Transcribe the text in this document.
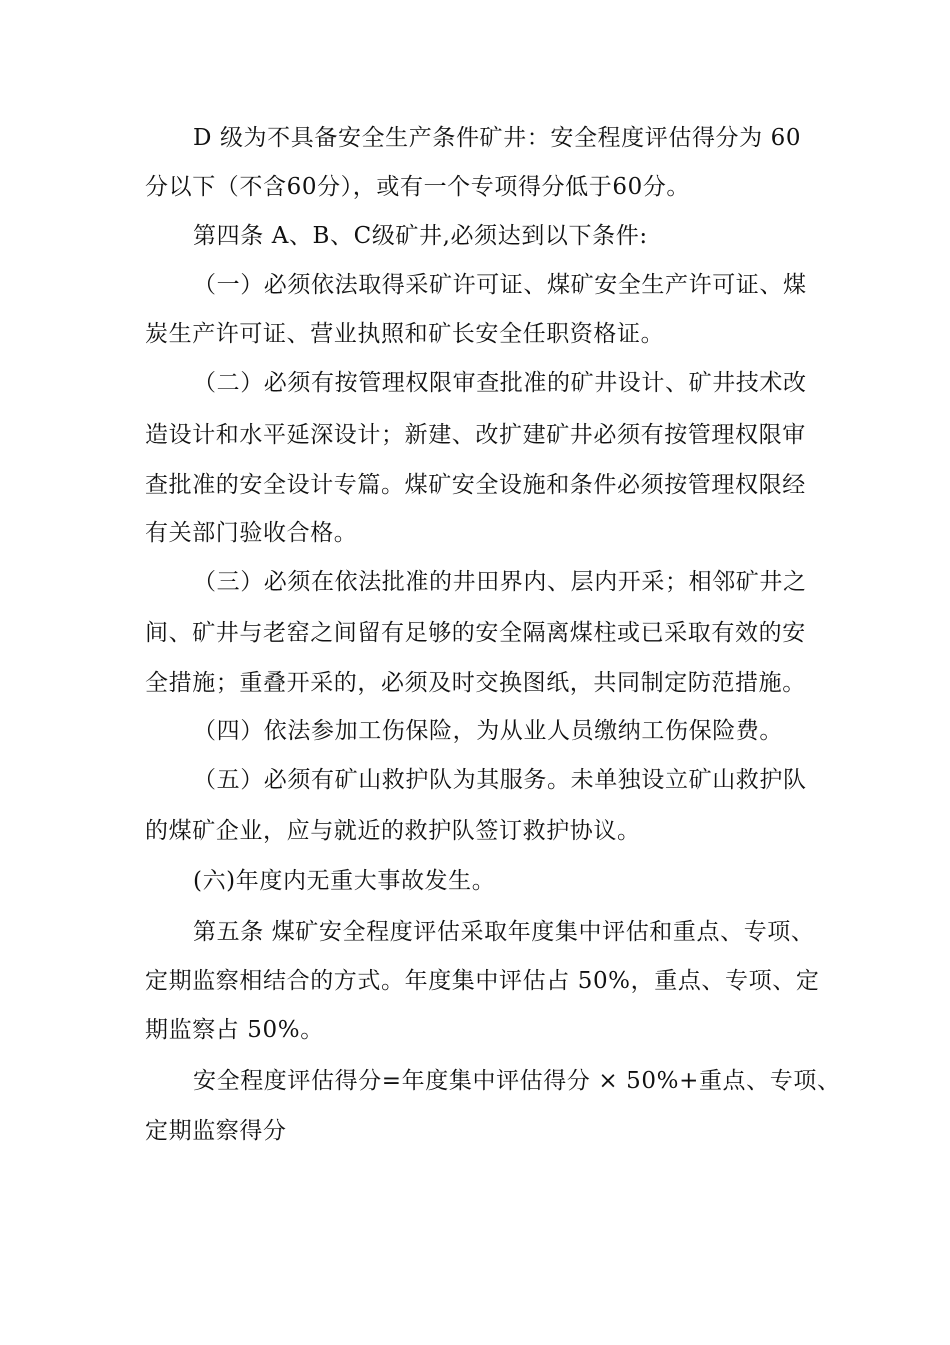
D 级为不具备安全生产条件矿井：安全程度评估得分为 60
分以下（不含60分），或有一个专项得分低于60分。
第四条 A、B、C级矿井,必须达到以下条件:
（一）必须依法取得采矿许可证、煤矿安全生产许可证、煤
炭生产许可证、营业执照和矿长安全任职资格证。
（二）必须有按管理权限审查批准的矿井设计、矿井技术改
造设计和水平延深设计；新建、改扩建矿井必须有按管理权限审
查批准的安全设计专篇。煤矿安全设施和条件必须按管理权限经
有关部门验收合格。
（三）必须在依法批准的井田界内、层内开采；相邻矿井之
间、矿井与老窑之间留有足够的安全隔离煤柱或已采取有效的安
全措施；重叠开采的，必须及时交换图纸，共同制定防范措施。
（四）依法参加工伤保险，为从业人员缴纳工伤保险费。
（五）必须有矿山救护队为其服务。未单独设立矿山救护队
的煤矿企业，应与就近的救护队签订救护协议。
(六)年度内无重大事故发生。
第五条 煤矿安全程度评估采取年度集中评估和重点、专项、
定期监察相结合的方式。年度集中评估占 50%，重点、专项、定
期监察占 50%。
安全程度评估得分=年度集中评估得分 × 50%+重点、专项、
定期监察得分
